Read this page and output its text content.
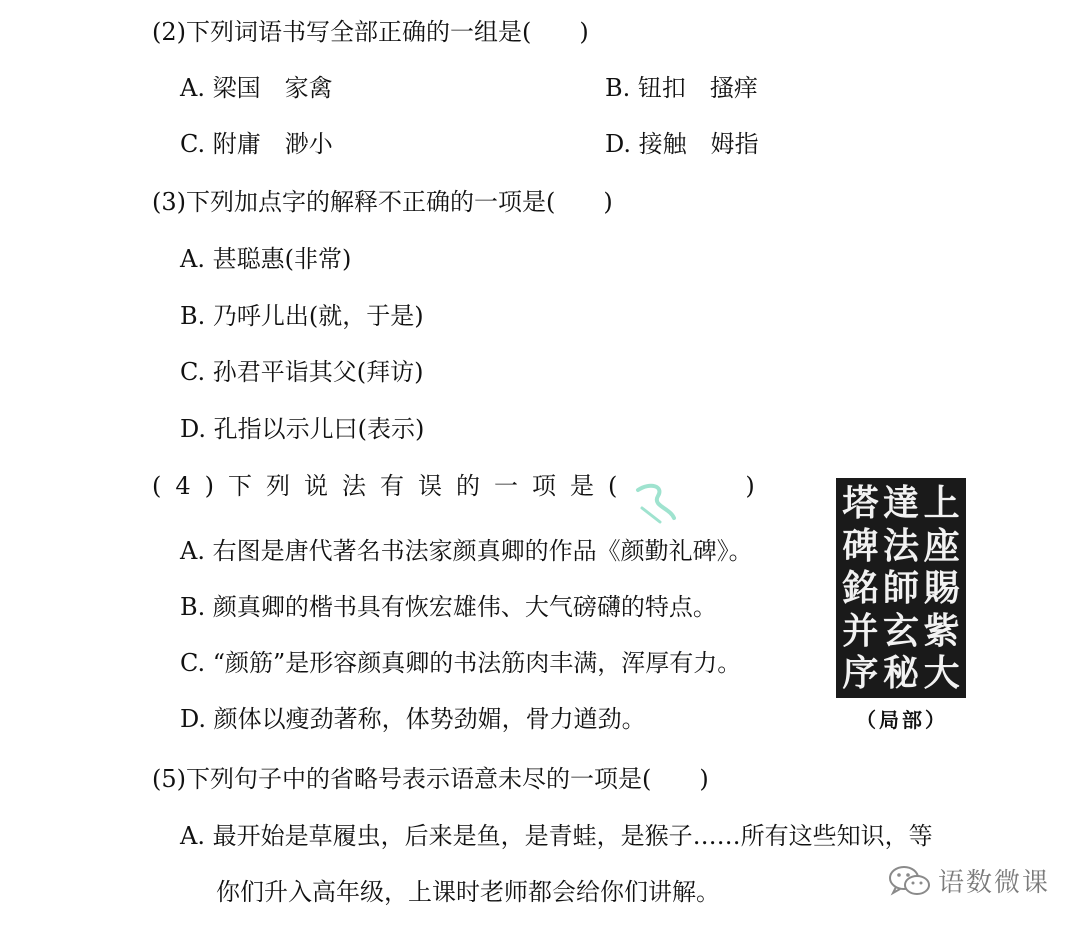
(2)下列词语书写全部正确的一组是(　　)
A. 梁国　家禽	B. 钮扣　搔痒
C. 附庸　渺小	D. 接触　姆指
(3)下列加点字的解释不正确的一项是(　　)
A. 甚聪惠(非常)
B. 乃呼儿出(就，于是)
C. 孙君平诣其父(拜访)
D. 孔指以示儿曰(表示)
(4)下列说法有误的一项是(　　　)
A. 右图是唐代著名书法家颜真卿的作品《颜勤礼碑》。
B. 颜真卿的楷书具有恢宏雄伟、大气磅礴的特点。
C. “颜筋”是形容颜真卿的书法筋肉丰满，浑厚有力。
D. 颜体以瘦劲著称，体势劲媚，骨力遒劲。
上
座
賜
紫
大
達
法
師
玄
秘
塔
碑
銘
并
序
（局部）
(5)下列句子中的省略号表示语意未尽的一项是(　　)
A. 最开始是草履虫，后来是鱼，是青蛙，是猴子……所有这些知识，等
你们升入高年级，上课时老师都会给你们讲解。	语数微课
